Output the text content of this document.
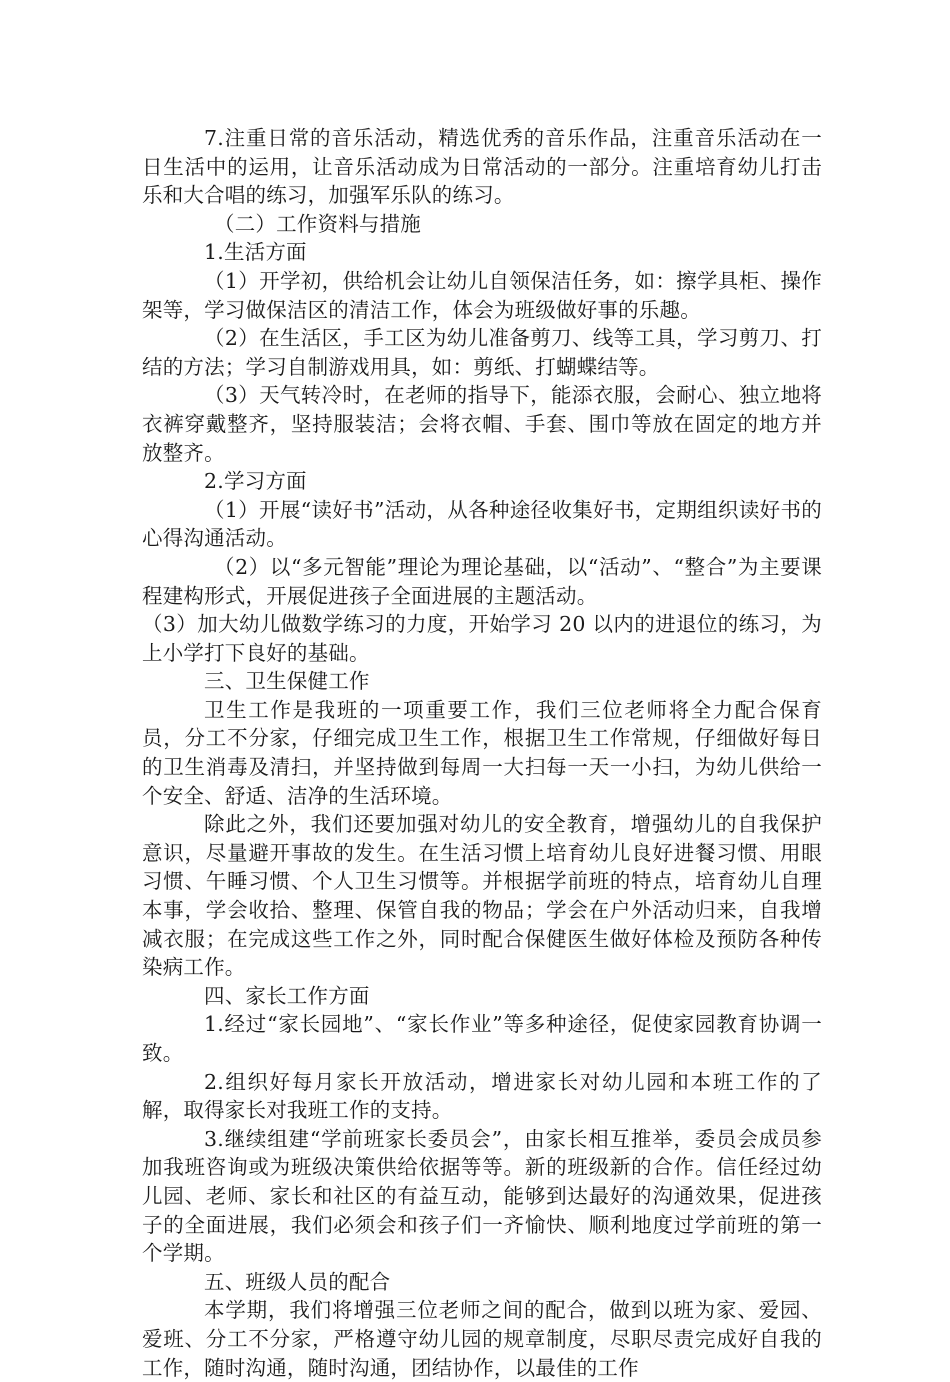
7.注重日常的音乐活动，精选优秀的音乐作品，注重音乐活动在一日生活中的运用，让音乐活动成为日常活动的一部分。注重培育幼儿打击乐和大合唱的练习，加强军乐队的练习。

（二）工作资料与措施

1.生活方面

（1）开学初，供给机会让幼儿自领保洁任务，如：擦学具柜、操作架等，学习做保洁区的清洁工作，体会为班级做好事的乐趣。

（2）在生活区，手工区为幼儿准备剪刀、线等工具，学习剪刀、打结的方法；学习自制游戏用具，如：剪纸、打蝴蝶结等。

（3）天气转冷时，在老师的指导下，能添衣服，会耐心、独立地将衣裤穿戴整齐，坚持服装洁；会将衣帽、手套、围巾等放在固定的地方并放整齐。

2.学习方面

（1）开展“读好书”活动，从各种途径收集好书，定期组织读好书的心得沟通活动。

（2）以“多元智能”理论为理论基础，以“活动”、“整合”为主要课程建构形式，开展促进孩子全面进展的主题活动。

（3）加大幼儿做数学练习的力度，开始学习 20 以内的进退位的练习，为上小学打下良好的基础。

三、卫生保健工作

卫生工作是我班的一项重要工作，我们三位老师将全力配合保育员，分工不分家，仔细完成卫生工作，根据卫生工作常规，仔细做好每日的卫生消毒及清扫，并坚持做到每周一大扫每一天一小扫，为幼儿供给一个安全、舒适、洁净的生活环境。

除此之外，我们还要加强对幼儿的安全教育，增强幼儿的自我保护意识，尽量避开事故的发生。在生活习惯上培育幼儿良好进餐习惯、用眼习惯、午睡习惯、个人卫生习惯等。并根据学前班的特点，培育幼儿自理本事，学会收拾、整理、保管自我的物品；学会在户外活动归来，自我增减衣服；在完成这些工作之外，同时配合保健医生做好体检及预防各种传染病工作。

四、家长工作方面

1.经过“家长园地”、“家长作业”等多种途径，促使家园教育协调一致。

2.组织好每月家长开放活动，增进家长对幼儿园和本班工作的了解，取得家长对我班工作的支持。

3.继续组建“学前班家长委员会”，由家长相互推举，委员会成员参加我班咨询或为班级决策供给依据等等。新的班级新的合作。信任经过幼儿园、老师、家长和社区的有益互动，能够到达最好的沟通效果，促进孩子的全面进展，我们必须会和孩子们一齐愉快、顺利地度过学前班的第一个学期。

五、班级人员的配合

本学期，我们将增强三位老师之间的配合，做到以班为家、爱园、爱班、分工不分家，严格遵守幼儿园的规章制度，尽职尽责完成好自我的工作，随时沟通，随时沟通，团结协作，以最佳的工作
